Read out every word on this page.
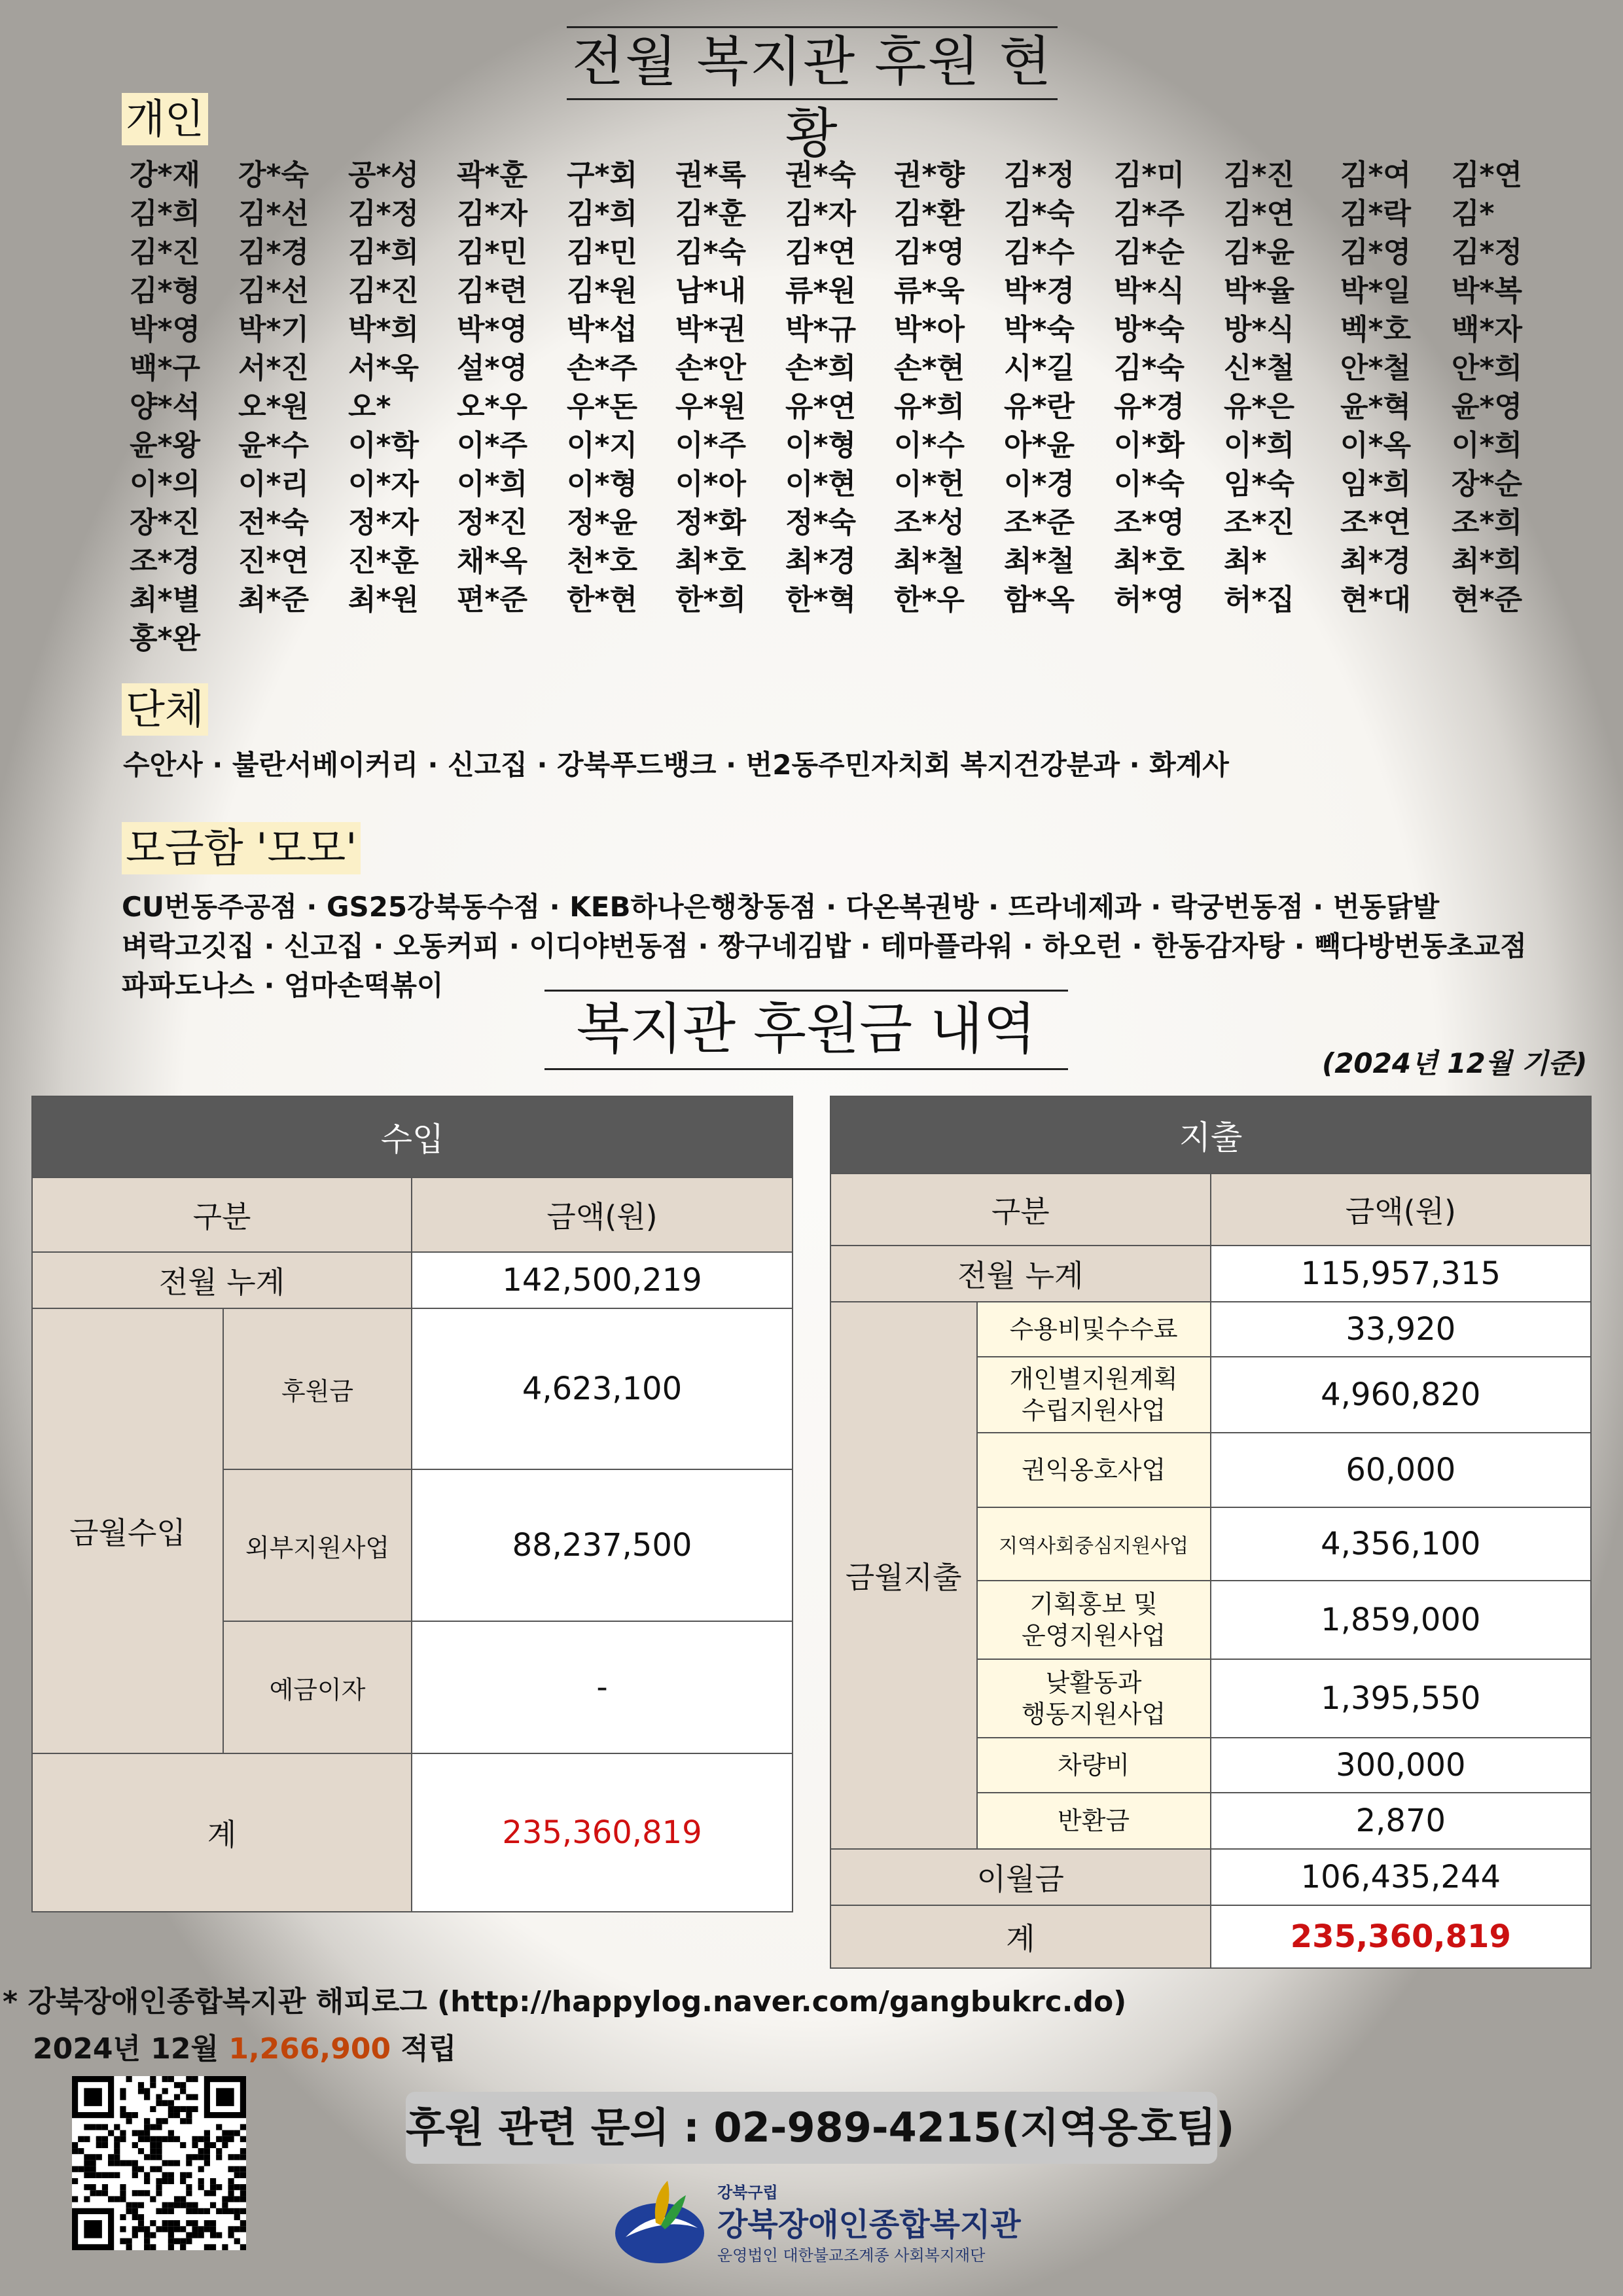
전월 복지관 후원 현황
개인
강*재 강*숙 공*성 곽*훈 구*회 권*록 권*숙 권*향 김*정 김*미 김*진 김*여 김*연
김*희 김*선 김*정 김*자 김*희 김*훈 김*자 김*환 김*숙 김*주 김*연 김*락 김*
김*진 김*경 김*희 김*민 김*민 김*숙 김*연 김*영 김*수 김*순 김*윤 김*영 김*정
김*형 김*선 김*진 김*련 김*원 남*내 류*원 류*욱 박*경 박*식 박*율 박*일 박*복
박*영 박*기 박*희 박*영 박*섭 박*권 박*규 박*아 박*숙 방*숙 방*식 벡*호 백*자
백*구 서*진 서*욱 설*영 손*주 손*안 손*희 손*현 시*길 김*숙 신*철 안*철 안*희
양*석 오*원 오* 오*우 우*돈 우*원 유*연 유*희 유*란 유*경 유*은 윤*혁 윤*영
윤*왕 윤*수 이*학 이*주 이*지 이*주 이*형 이*수 아*윤 이*화 이*희 이*옥 이*희
이*의 이*리 이*자 이*희 이*형 이*아 이*현 이*헌 이*경 이*숙 임*숙 임*희 장*순
장*진 전*숙 정*자 정*진 정*윤 정*화 정*숙 조*성 조*준 조*영 조*진 조*연 조*희
조*경 진*연 진*훈 채*옥 천*호 최*호 최*경 최*철 최*철 최*호 최*	최*경 최*희
최*별 최*준 최*원 편*준 한*현 한*희 한*혁 한*우 함*옥 허*영 허*집 현*대 현*준
홍*완
단체
수안사 · 불란서베이커리 · 신고집 · 강북푸드뱅크 · 번2동주민자치회 복지건강분과 · 화계사
모금함 '모모'
CU번동주공점 · GS25강북동수점 · KEB하나은행창동점 · 다온복권방 · 뜨라네제과 · 락궁번동점 · 번동닭발
벼락고깃집 · 신고집 · 오동커피 · 이디야번동점 · 짱구네김밥 · 테마플라워 · 하오런 · 한동감자탕 · 빽다방번동초교점
파파도나스 · 엄마손떡볶이
복지관 후원금 내역
(2024년 12월 기준)
수입		
구분		금액(원)
전월 누계		142,500,219
금월수입	후원금	4,623,100
	외부지원사업	88,237,500
	예금이자	-
계		235,360,819
지출		
구분		금액(원)
전월 누계		115,957,315
금월지출	수용비및수수료	33,920
	개인별지원계획
수립지원사업	4,960,820
	권익옹호사업	60,000
	지역사회중심지원사업	4,356,100
	기획홍보 및
운영지원사업	1,859,000
	낮활동과
행동지원사업	1,395,550
	차량비	300,000
	반환금	2,870
이월금		106,435,244
계		235,360,819
* 강북장애인종합복지관 해피로그 (http://happylog.naver.com/gangbukrc.do)
2024년 12월 1,266,900 적립
후원 관련 문의 : 02-989-4215(지역옹호팀)
강북구립
강북장애인종합복지관
운영법인 대한불교조계종 사회복지재단
